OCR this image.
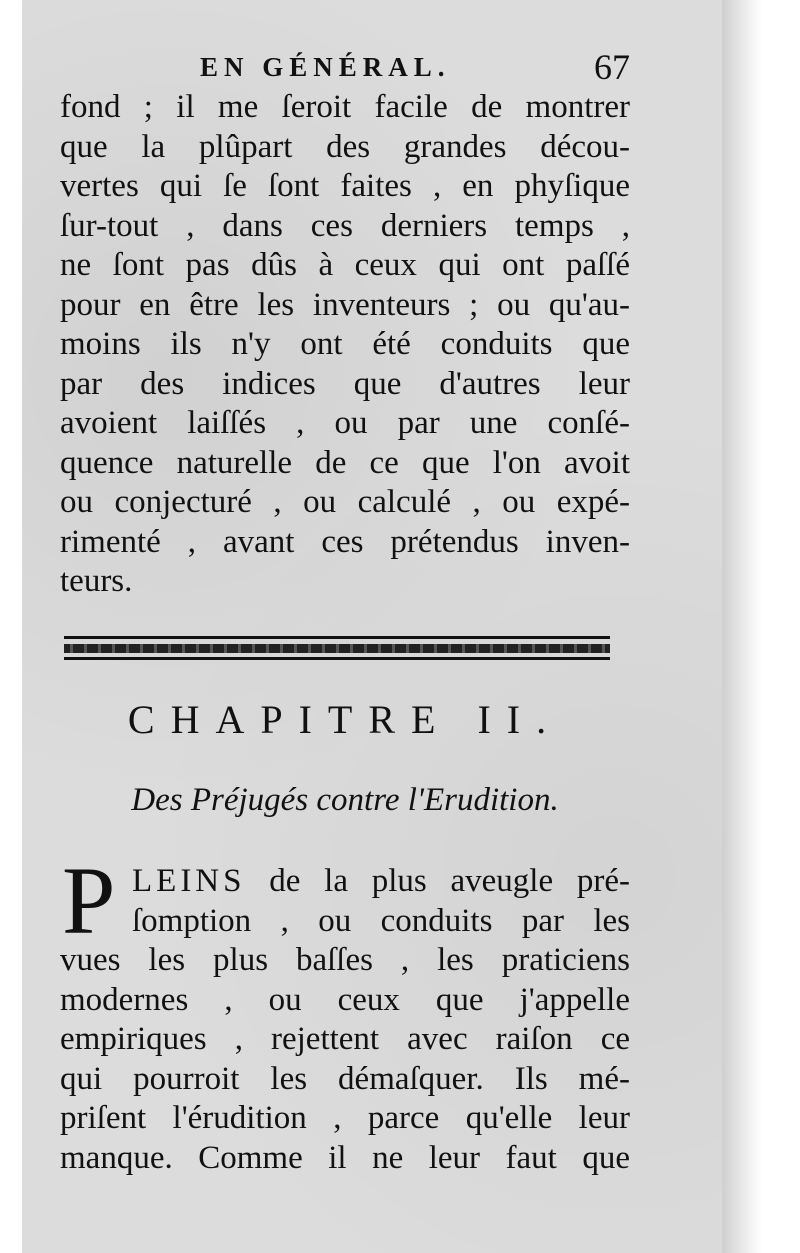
EN GÉNÉRAL.	67
fond ; il me ſeroit facile de montrer
que la plûpart des grandes décou-
vertes qui ſe ſont faites , en phyſique
ſur-tout , dans ces derniers temps ,
ne ſont pas dûs à ceux qui ont paſſé
pour en être les inventeurs ; ou qu'au-
moins ils n'y ont été conduits que
par des indices que d'autres leur
avoient laiſſés , ou par une conſé-
quence naturelle de ce que l'on avoit
ou conjecturé , ou calculé , ou expé-
rimenté , avant ces prétendus inven-
teurs.
CHAPITRE II.
Des Préjugés contre l'Erudition.
P LEINS de la plus aveugle pré-
ſomption , ou conduits par les
vues les plus baſſes , les praticiens
modernes , ou ceux que j'appelle
empiriques , rejettent avec raiſon ce
qui pourroit les démaſquer. Ils mé-
priſent l'érudition , parce qu'elle leur
manque. Comme il ne leur faut que
